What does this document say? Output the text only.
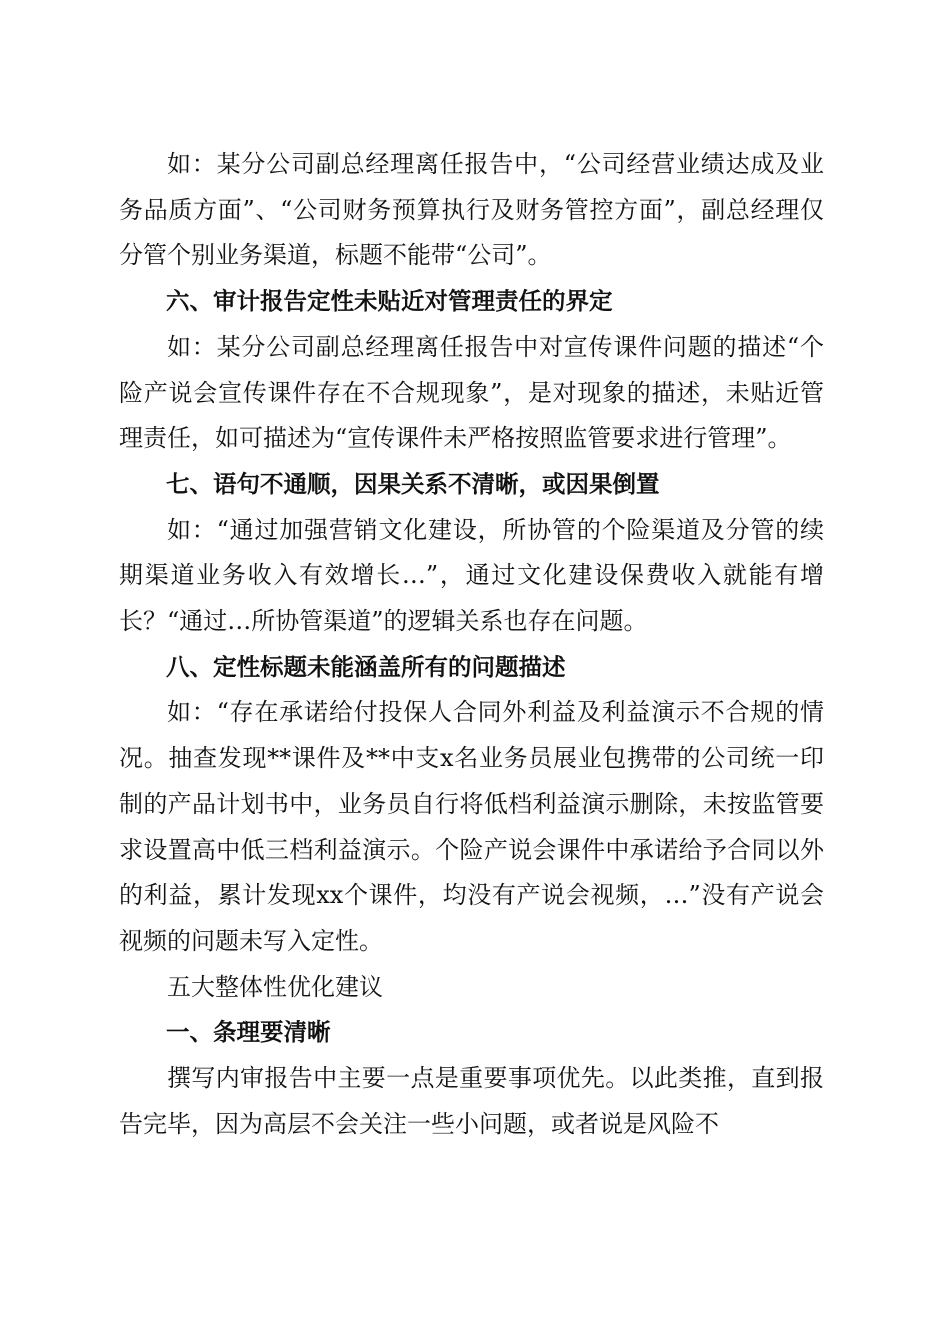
如：某分公司副总经理离任报告中，“公司经营业绩达成及业务品质方面”、“公司财务预算执行及财务管控方面”，副总经理仅分管个别业务渠道，标题不能带“公司”。

六、审计报告定性未贴近对管理责任的界定

如：某分公司副总经理离任报告中对宣传课件问题的描述“个险产说会宣传课件存在不合规现象”，是对现象的描述，未贴近管理责任，如可描述为“宣传课件未严格按照监管要求进行管理”。

七、语句不通顺，因果关系不清晰，或因果倒置

如：“通过加强营销文化建设，所协管的个险渠道及分管的续期渠道业务收入有效增长…”，通过文化建设保费收入就能有增长？“通过…所协管渠道”的逻辑关系也存在问题。

八、定性标题未能涵盖所有的问题描述

如：“存在承诺给付投保人合同外利益及利益演示不合规的情况。抽查发现**课件及**中支x名业务员展业包携带的公司统一印制的产品计划书中，业务员自行将低档利益演示删除，未按监管要求设置高中低三档利益演示。个险产说会课件中承诺给予合同以外的利益，累计发现xx个课件，均没有产说会视频，…”没有产说会视频的问题未写入定性。

五大整体性优化建议

一、条理要清晰

撰写内审报告中主要一点是重要事项优先。以此类推，直到报告完毕，因为高层不会关注一些小问题，或者说是风险不
